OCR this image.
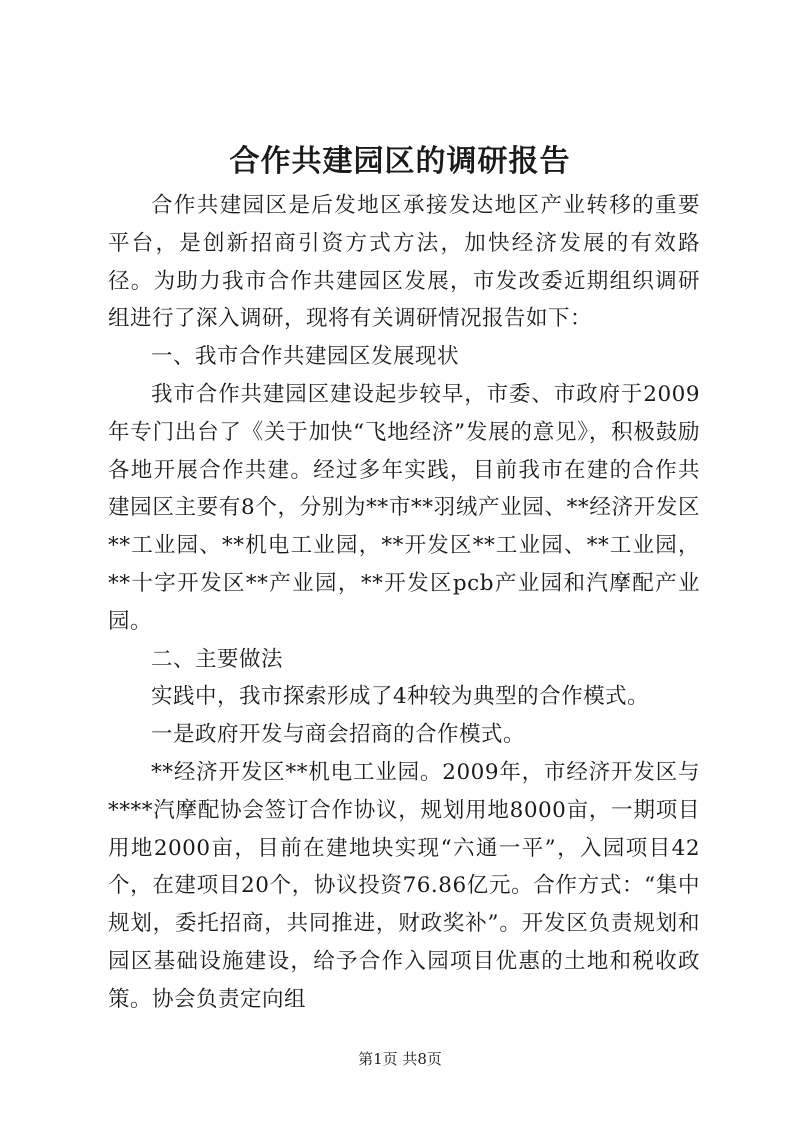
合作共建园区的调研报告

合作共建园区是后发地区承接发达地区产业转移的重要平台，是创新招商引资方式方法，加快经济发展的有效路径。为助力我市合作共建园区发展，市发改委近期组织调研组进行了深入调研，现将有关调研情况报告如下：

一、我市合作共建园区发展现状

我市合作共建园区建设起步较早，市委、市政府于2009年专门出台了《关于加快“飞地经济”发展的意见》，积极鼓励各地开展合作共建。经过多年实践，目前我市在建的合作共建园区主要有8个，分别为**市**羽绒产业园、**经济开发区**工业园、**机电工业园，**开发区**工业园、**工业园，**十字开发区**产业园，**开发区pcb产业园和汽摩配产业园。

二、主要做法

实践中，我市探索形成了4种较为典型的合作模式。

一是政府开发与商会招商的合作模式。

**经济开发区**机电工业园。2009年，市经济开发区与****汽摩配协会签订合作协议，规划用地8000亩，一期项目用地2000亩，目前在建地块实现“六通一平”，入园项目42个，在建项目20个，协议投资76.86亿元。合作方式：“集中规划，委托招商，共同推进，财政奖补”。开发区负责规划和园区基础设施建设，给予合作入园项目优惠的土地和税收政策。协会负责定向组

第1页 共8页
